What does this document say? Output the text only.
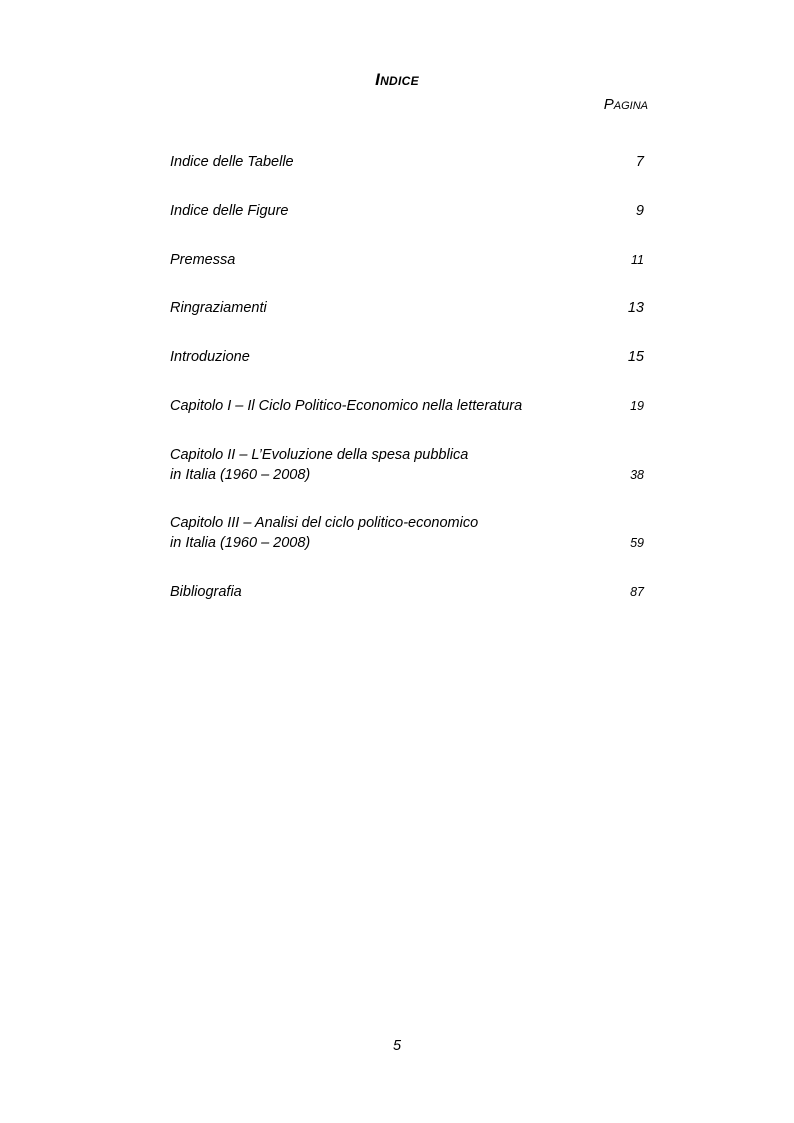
Indice
Pagina
Indice delle Tabelle	7
Indice delle Figure	9
Premessa	11
Ringraziamenti	13
Introduzione	15
Capitolo I – Il Ciclo Politico-Economico nella letteratura	19
Capitolo II – L’Evoluzione della spesa pubblica
in Italia (1960 – 2008)	38
Capitolo III – Analisi del ciclo politico-economico
in Italia (1960 – 2008)	59
Bibliografia	87
5
